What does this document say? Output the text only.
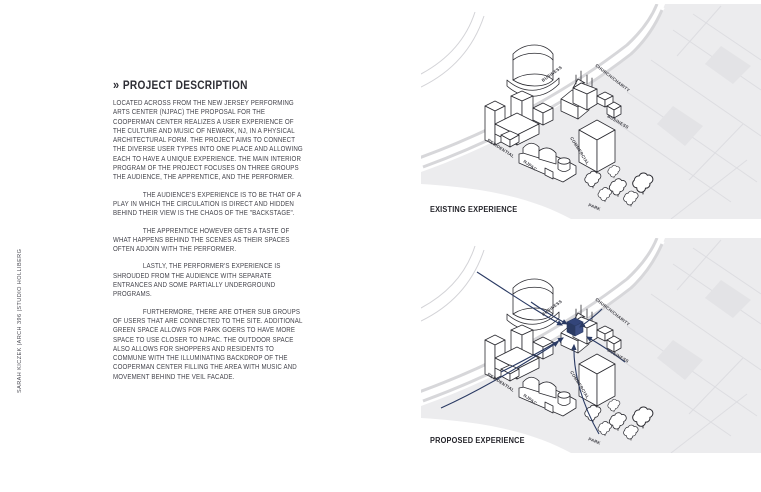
SARAH KICZEK |ARCH 396 |STUDIO HOLLIBERG
» PROJECT DESCRIPTION

LOCATED ACROSS FROM THE NEW JERSEY PERFORMING ARTS CENTER (NJPAC) THE PROPOSAL FOR THE COOPERMAN CENTER REALIZES A USER EXPERIENCE OF THE CULTURE AND MUSIC OF NEWARK, NJ, IN A PHYSICAL ARCHITECTURAL FORM. THE PROJECT AIMS TO CONNECT THE DIVERSE USER TYPES INTO ONE PLACE AND ALLOWING EACH TO HAVE A UNIQUE EXPERIENCE. THE MAIN INTERIOR PROGRAM OF THE PROJECT FOCUSES ON THREE GROUPS THE AUDIENCE, THE APPRENTICE, AND THE PERFORMER.

THE AUDIENCE'S EXPERIENCE IS TO BE THAT OF A PLAY IN WHICH THE CIRCULATION IS DIRECT AND HIDDEN BEHIND THEIR VIEW IS THE CHAOS OF THE "BACKSTAGE".

THE APPRENTICE HOWEVER GETS A TASTE OF WHAT HAPPENS BEHIND THE SCENES AS THEIR SPACES OFTEN ADJOIN WITH THE PERFORMER.

LASTLY, THE PERFORMER'S EXPERIENCE IS SHROUDED FROM THE AUDIENCE WITH SEPARATE ENTRANCES AND SOME PARTIALLY UNDERGROUND PROGRAMS.

FURTHERMORE, THERE ARE OTHER SUB GROUPS OF USERS THAT ARE CONNECTED TO THE SITE. ADDITIONAL GREEN SPACE ALLOWS FOR PARK GOERS TO HAVE MORE SPACE TO USE CLOSER TO NJPAC. THE OUTDOOR SPACE ALSO ALLOWS FOR SHOPPERS AND RESIDENTS TO COMMUNE WITH THE ILLUMINATING BACKDROP OF THE COOPERMAN CENTER FILLING THE AREA WITH MUSIC AND MOVEMENT BEHIND THE VEIL FACADE.

BUSINESS	CHURCH/CHARITY
BUSINESS
RESIDENTIAL
NJPAC	COMMERCIAL
PARK
EXISTING EXPERIENCE
BUSINESS	CHURCH/CHARITY
BUSINESS
RESIDENTIAL
NJPAC	COMMERCIAL
PARK
PROPOSED EXPERIENCE
